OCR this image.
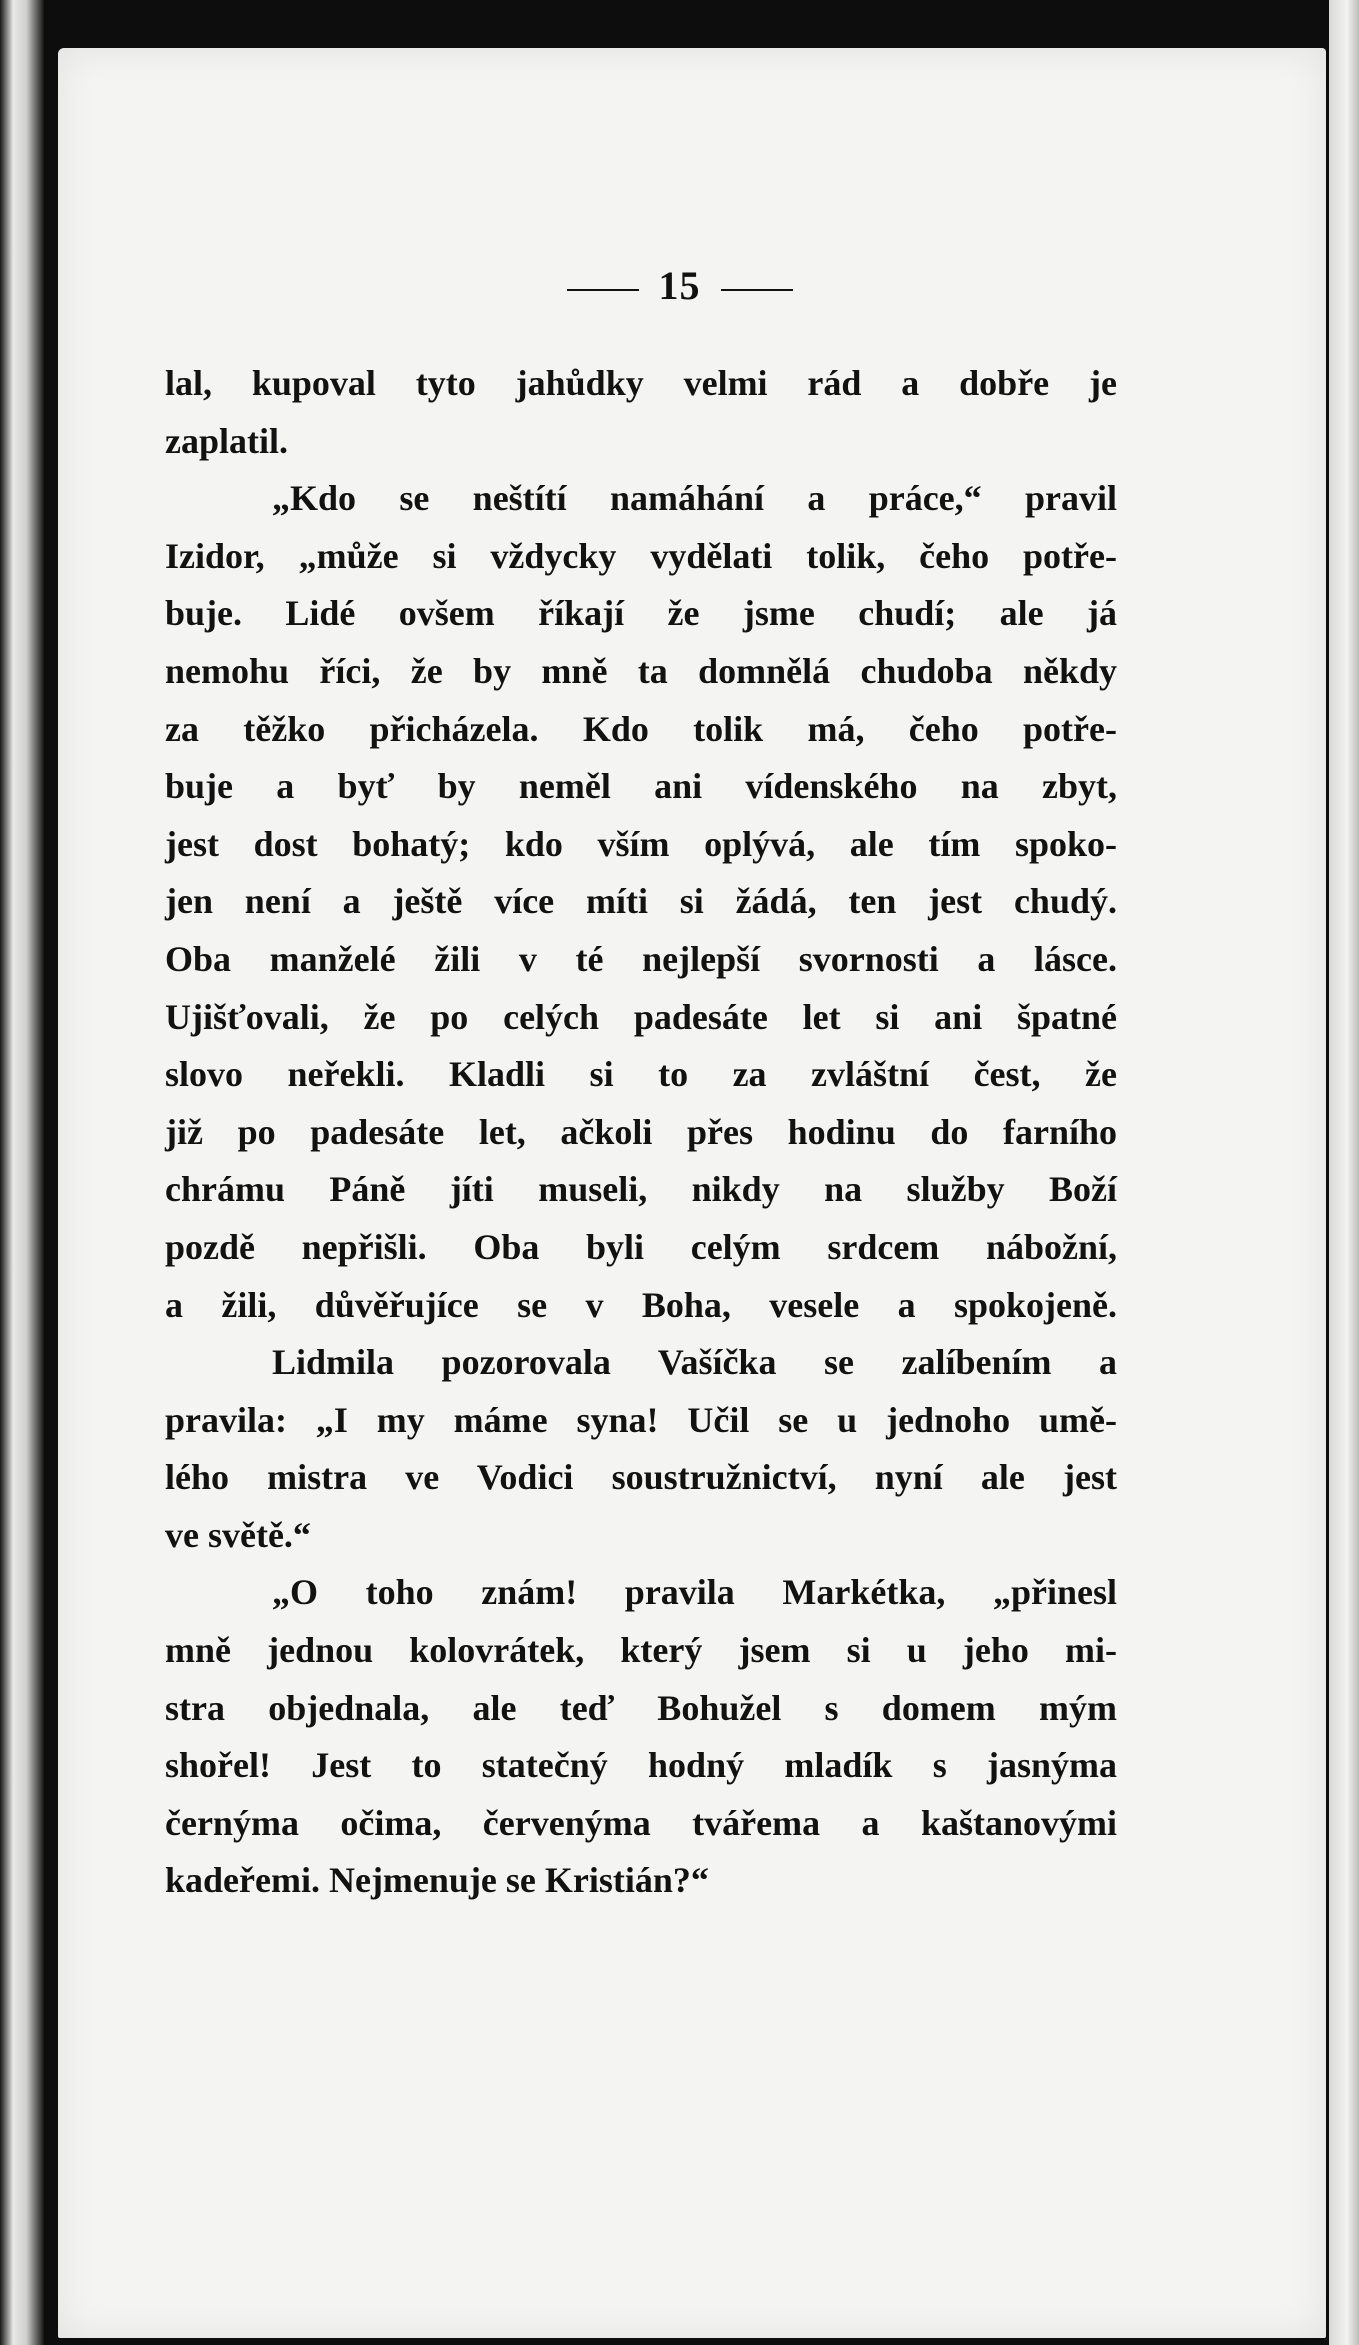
15
lal, kupoval tyto jahůdky velmi rád a dobře je
zaplatil.
„Kdo se neštítí namáhání a práce,“ pravil
Izidor, „může si vždycky vydělati tolik, čeho potře-
buje. Lidé ovšem říkají že jsme chudí; ale já
nemohu říci, že by mně ta domnělá chudoba někdy
za těžko přicházela. Kdo tolik má, čeho potře-
buje a byť by neměl ani vídenského na zbyt,
jest dost bohatý; kdo vším oplývá, ale tím spoko-
jen není a ještě více míti si žádá, ten jest chudý.
Oba manželé žili v té nejlepší svornosti a lásce.
Ujišťovali, že po celých padesáte let si ani špatné
slovo neřekli. Kladli si to za zvláštní čest, že
již po padesáte let, ačkoli přes hodinu do farního
chrámu Páně jíti museli, nikdy na služby Boží
pozdě nepřišli. Oba byli celým srdcem nábožní,
a žili, důvěřujíce se v Boha, vesele a spokojeně.
Lidmila pozorovala Vašíčka se zalíbením a
pravila: „I my máme syna! Učil se u jednoho umě-
lého mistra ve Vodici soustružnictví, nyní ale jest
ve světě.“
„O toho znám! pravila Markétka, „přinesl
mně jednou kolovrátek, který jsem si u jeho mi-
stra objednala, ale teď Bohužel s domem mým
shořel! Jest to statečný hodný mladík s jasnýma
černýma očima, červenýma tvářema a kaštanovými
kadeřemi. Nejmenuje se Kristián?“
